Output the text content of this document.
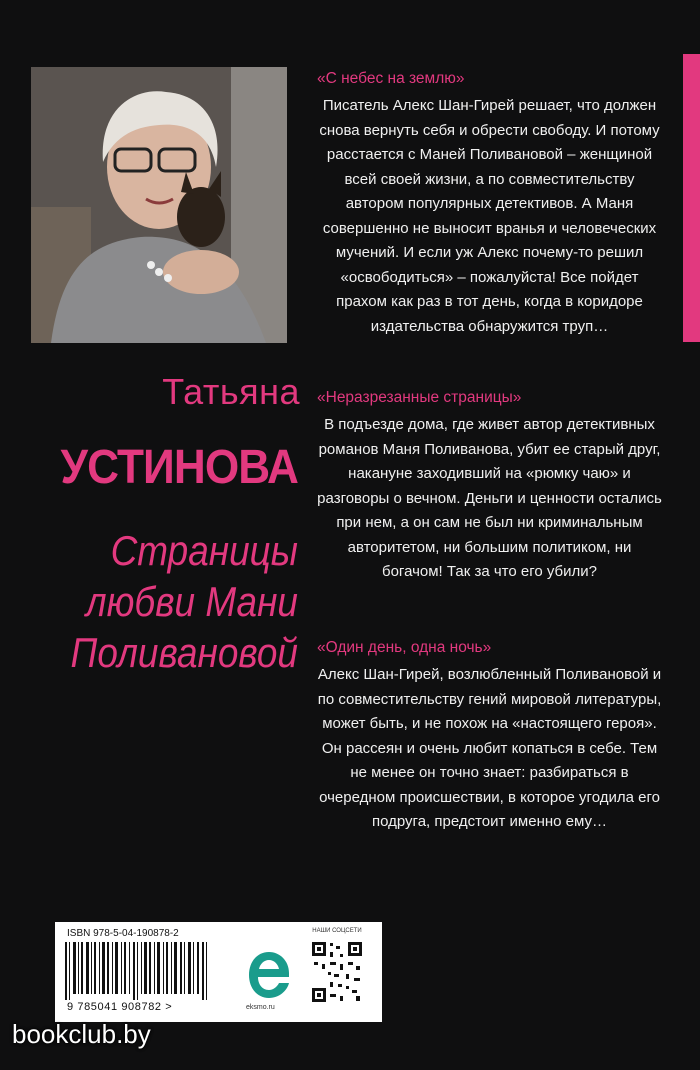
Татьяна
УСТИНОВА
Страницы
любви Мани
Поливановой

«С небес на землю»

Писатель Алекс Шан-Гирей решает, что должен снова вернуть себя и обрести свободу. И потому расстается с Маней Поливановой – женщиной всей своей жизни, а по совместительству автором популярных детективов. А Маня совершенно не выносит вранья и человеческих мучений. И если уж Алекс почему-то решил «освободиться» – пожалуйста! Все пойдет прахом как раз в тот день, когда в коридоре издательства обнаружится труп…

«Неразрезанные страницы»

В подъезде дома, где живет автор детективных романов Маня Поливанова, убит ее старый друг, накануне заходивший на «рюмку чаю» и разговоры о вечном. Деньги и ценности остались при нем, а он сам не был ни криминальным авторитетом, ни большим политиком, ни богачом! Так за что его убили?

«Один день, одна ночь»

Алекс Шан-Гирей, возлюбленный Поливановой и по совместительству гений мировой литературы, может быть, и не похож на «настоящего героя». Он рассеян и очень любит копаться в себе. Тем не менее он точно знает: разбираться в очередном происшествии, в которое угодила его подруга, предстоит именно ему…

ISBN 978-5-04-190878-2
9 785041 908782 >	eksmo.ru
НАШИ СОЦСЕТИ
bookclub.by
